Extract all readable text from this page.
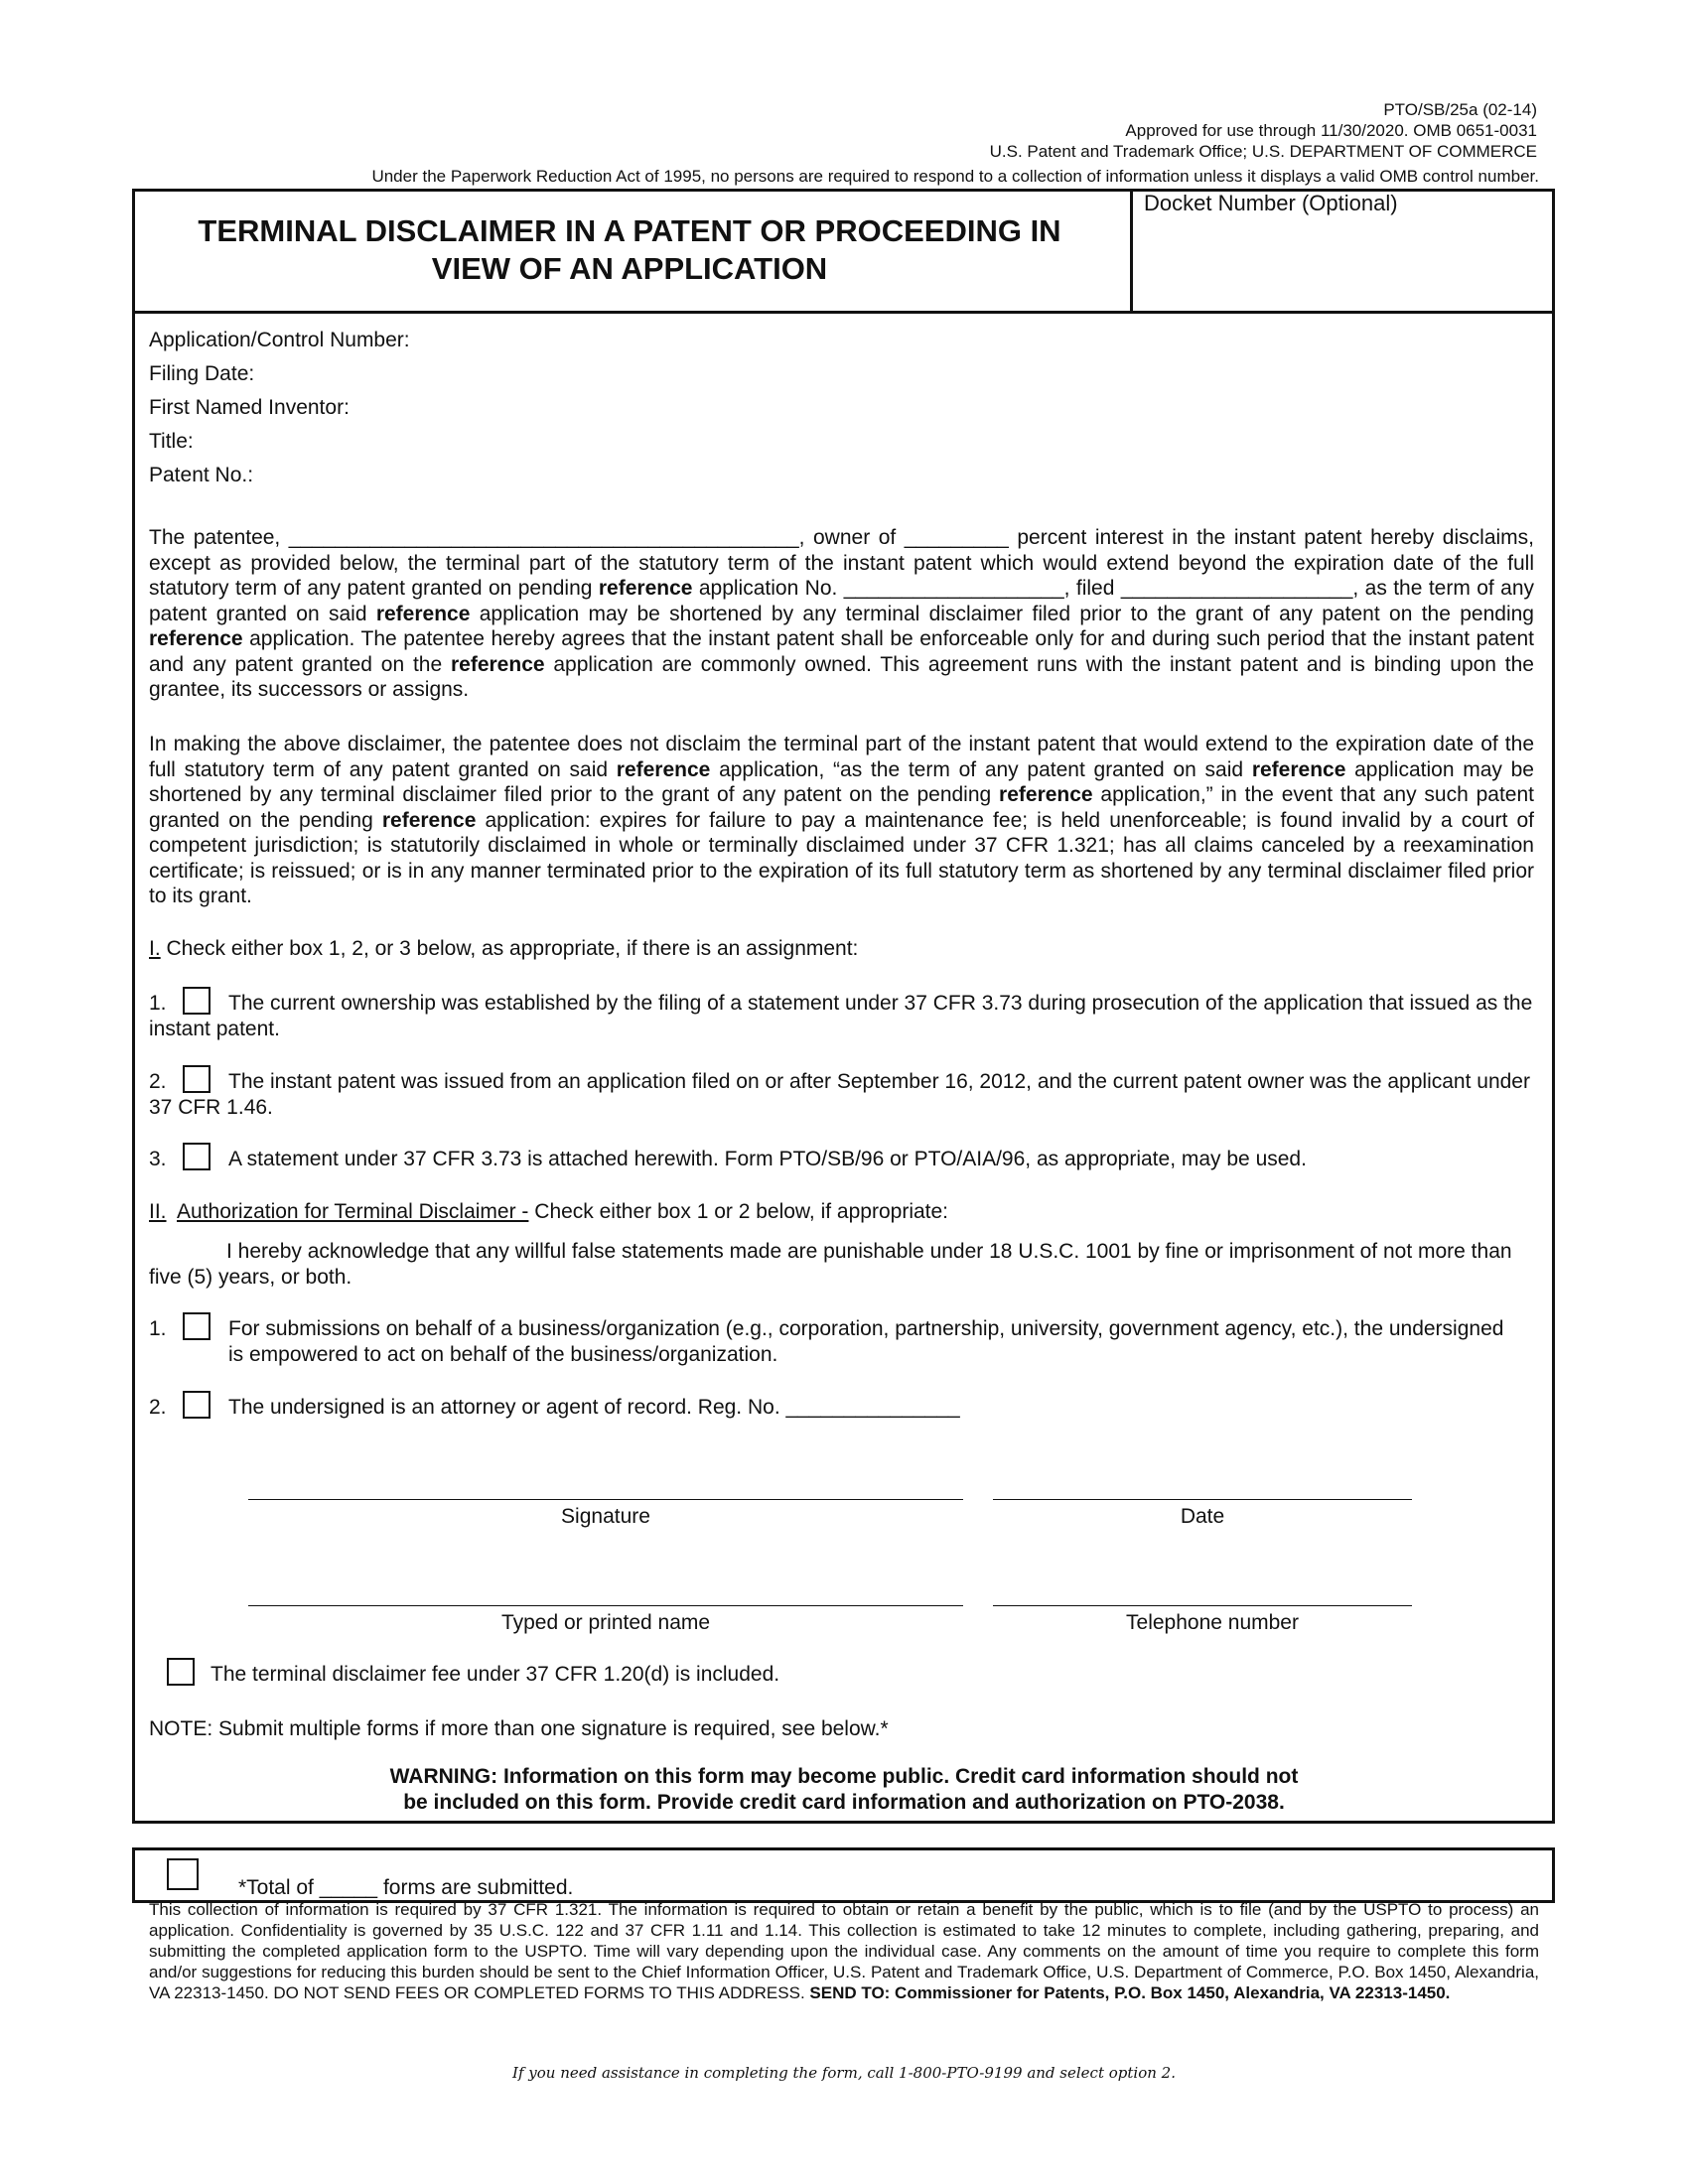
PTO/SB/25a (02-14)
Approved for use through 11/30/2020. OMB 0651-0031
U.S. Patent and Trademark Office; U.S. DEPARTMENT OF COMMERCE
Under the Paperwork Reduction Act of 1995, no persons are required to respond to a collection of information unless it displays a valid OMB control number.
TERMINAL DISCLAIMER IN A PATENT OR PROCEEDING IN
VIEW OF AN APPLICATION
Docket Number (Optional)
Application/Control Number:
Filing Date:
First Named Inventor:
Title:
Patent No.:
The patentee, ____________________________________________, owner of _________ percent interest in the instant patent hereby disclaims, except as provided below, the terminal part of the statutory term of the instant patent which would extend beyond the expiration date of the full statutory term of any patent granted on pending reference application No. ___________________, filed ____________________, as the term of any patent granted on said reference application may be shortened by any terminal disclaimer filed prior to the grant of any patent on the pending reference application. The patentee hereby agrees that the instant patent shall be enforceable only for and during such period that the instant patent and any patent granted on the reference application are commonly owned. This agreement runs with the instant patent and is binding upon the grantee, its successors or assigns.
In making the above disclaimer, the patentee does not disclaim the terminal part of the instant patent that would extend to the expiration date of the full statutory term of any patent granted on said reference application, “as the term of any patent granted on said reference application may be shortened by any terminal disclaimer filed prior to the grant of any patent on the pending reference application,” in the event that any such patent granted on the pending reference application: expires for failure to pay a maintenance fee; is held unenforceable; is found invalid by a court of competent jurisdiction; is statutorily disclaimed in whole or terminally disclaimed under 37 CFR 1.321; has all claims canceled by a reexamination certificate; is reissued; or is in any manner terminated prior to the expiration of its full statutory term as shortened by any terminal disclaimer filed prior to its grant.
I. Check either box 1, 2, or 3 below, as appropriate, if there is an assignment:
1.	The current ownership was established by the filing of a statement under 37 CFR 3.73 during prosecution of the application that issued as the instant patent.
2.	The instant patent was issued from an application filed on or after September 16, 2012, and the current patent owner was the applicant under 37 CFR 1.46.
3.	A statement under 37 CFR 3.73 is attached herewith. Form PTO/SB/96 or PTO/AIA/96, as appropriate, may be used.
II. Authorization for Terminal Disclaimer - Check either box 1 or 2 below, if appropriate:
I hereby acknowledge that any willful false statements made are punishable under 18 U.S.C. 1001 by fine or imprisonment of not more than five (5) years, or both.
1.	For submissions on behalf of a business/organization (e.g., corporation, partnership, university, government agency, etc.), the undersigned is empowered to act on behalf of the business/organization.
2.	The undersigned is an attorney or agent of record. Reg. No. _______________
Signature	Date
Typed or printed name	Telephone number
The terminal disclaimer fee under 37 CFR 1.20(d) is included.
NOTE: Submit multiple forms if more than one signature is required, see below.*
WARNING: Information on this form may become public. Credit card information should not
be included on this form. Provide credit card information and authorization on PTO-2038.
*Total of _____ forms are submitted.
This collection of information is required by 37 CFR 1.321. The information is required to obtain or retain a benefit by the public, which is to file (and by the USPTO to process) an application. Confidentiality is governed by 35 U.S.C. 122 and 37 CFR 1.11 and 1.14. This collection is estimated to take 12 minutes to complete, including gathering, preparing, and submitting the completed application form to the USPTO. Time will vary depending upon the individual case. Any comments on the amount of time you require to complete this form and/or suggestions for reducing this burden should be sent to the Chief Information Officer, U.S. Patent and Trademark Office, U.S. Department of Commerce, P.O. Box 1450, Alexandria, VA 22313-1450. DO NOT SEND FEES OR COMPLETED FORMS TO THIS ADDRESS. SEND TO: Commissioner for Patents, P.O. Box 1450, Alexandria, VA 22313-1450.
If you need assistance in completing the form, call 1-800-PTO-9199 and select option 2.
